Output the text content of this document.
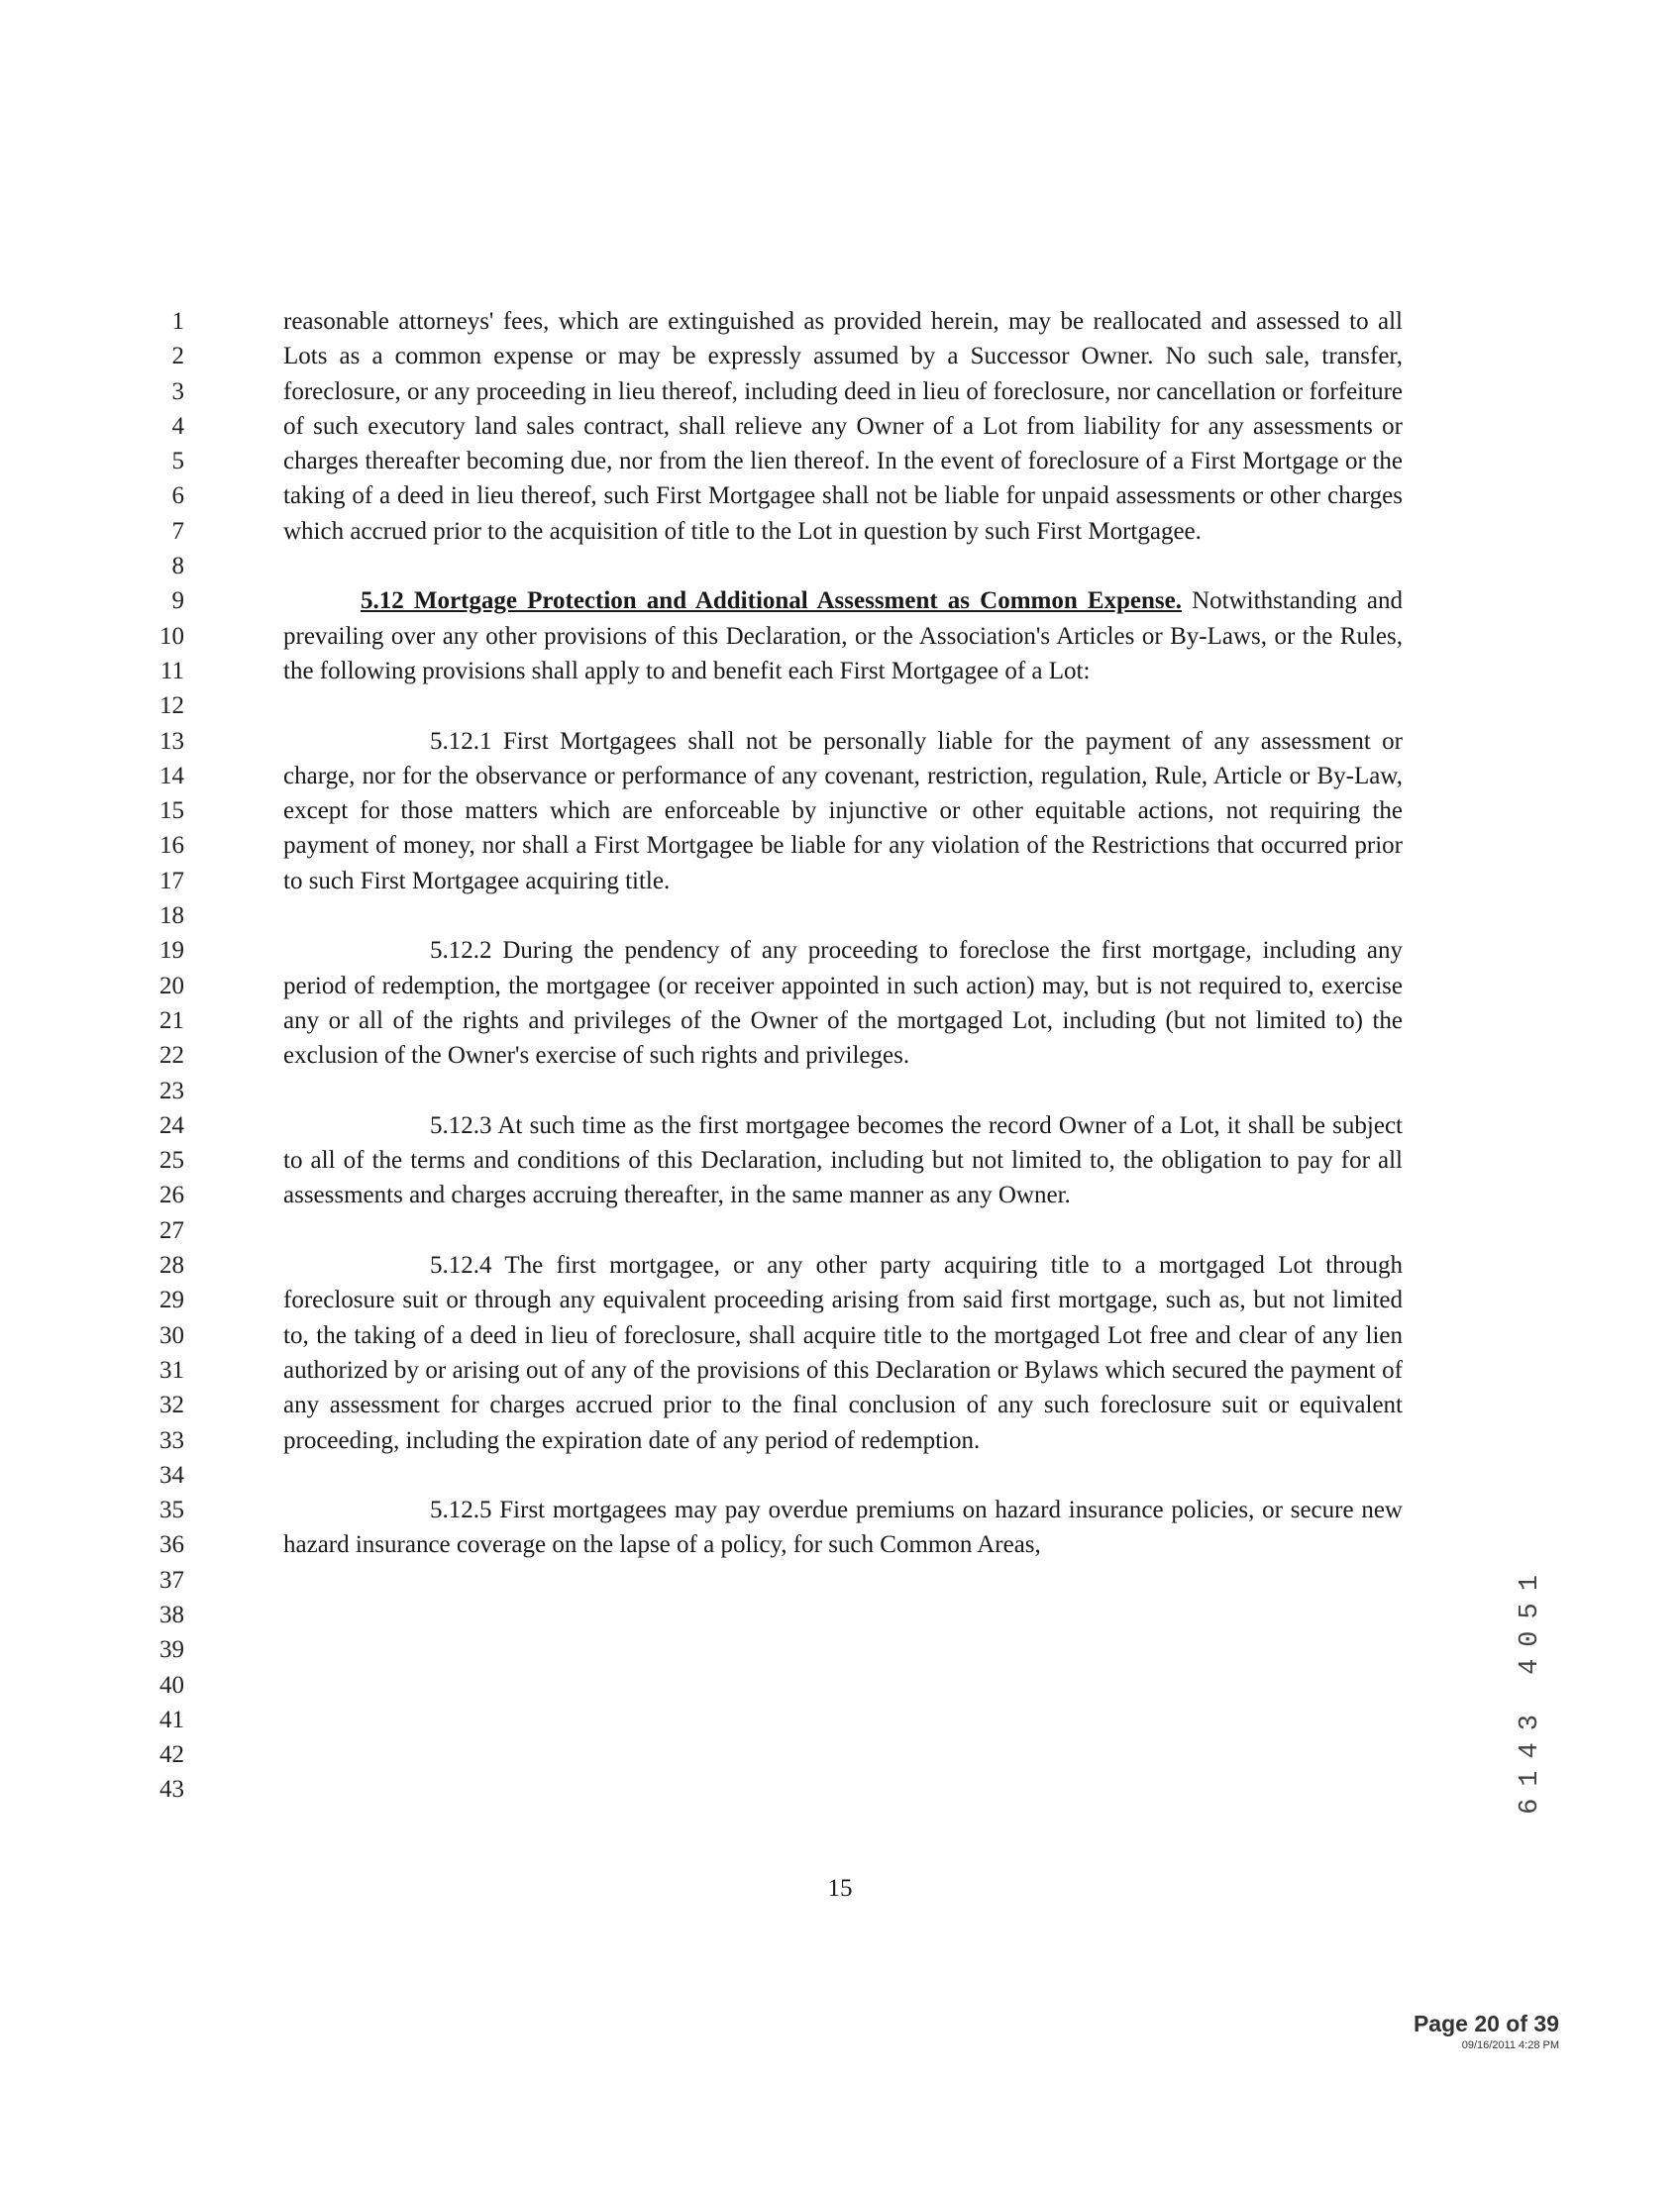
1
2
3
4
5
6
7
8
9
10
11
12
13
14
15
16
17
18
19
20
21
22
23
24
25
26
27
28
29
30
31
32
33
34
35
36
37
38
39
40
41
42
43

reasonable attorneys' fees, which are extinguished as provided herein, may be reallocated and assessed to all Lots as a common expense or may be expressly assumed by a Successor Owner. No such sale, transfer, foreclosure, or any proceeding in lieu thereof, including deed in lieu of foreclosure, nor cancellation or forfeiture of such executory land sales contract, shall relieve any Owner of a Lot from liability for any assessments or charges thereafter becoming due, nor from the lien thereof. In the event of foreclosure of a First Mortgage or the taking of a deed in lieu thereof, such First Mortgagee shall not be liable for unpaid assessments or other charges which accrued prior to the acquisition of title to the Lot in question by such First Mortgagee.

5.12 Mortgage Protection and Additional Assessment as Common Expense. Notwithstanding and prevailing over any other provisions of this Declaration, or the Association's Articles or By-Laws, or the Rules, the following provisions shall apply to and benefit each First Mortgagee of a Lot:

5.12.1 First Mortgagees shall not be personally liable for the payment of any assessment or charge, nor for the observance or performance of any covenant, restriction, regulation, Rule, Article or By-Law, except for those matters which are enforceable by injunctive or other equitable actions, not requiring the payment of money, nor shall a First Mortgagee be liable for any violation of the Restrictions that occurred prior to such First Mortgagee acquiring title.

5.12.2 During the pendency of any proceeding to foreclose the first mortgage, including any period of redemption, the mortgagee (or receiver appointed in such action) may, but is not required to, exercise any or all of the rights and privileges of the Owner of the mortgaged Lot, including (but not limited to) the exclusion of the Owner's exercise of such rights and privileges.

5.12.3 At such time as the first mortgagee becomes the record Owner of a Lot, it shall be subject to all of the terms and conditions of this Declaration, including but not limited to, the obligation to pay for all assessments and charges accruing thereafter, in the same manner as any Owner.

5.12.4 The first mortgagee, or any other party acquiring title to a mortgaged Lot through foreclosure suit or through any equivalent proceeding arising from said first mortgage, such as, but not limited to, the taking of a deed in lieu of foreclosure, shall acquire title to the mortgaged Lot free and clear of any lien authorized by or arising out of any of the provisions of this Declaration or Bylaws which secured the payment of any assessment for charges accrued prior to the final conclusion of any such foreclosure suit or equivalent proceeding, including the expiration date of any period of redemption.

5.12.5 First mortgagees may pay overdue premiums on hazard insurance policies, or secure new hazard insurance coverage on the lapse of a policy, for such Common Areas,

15
6143 4051
Page 20 of 39
09/16/2011 4:28 PM
